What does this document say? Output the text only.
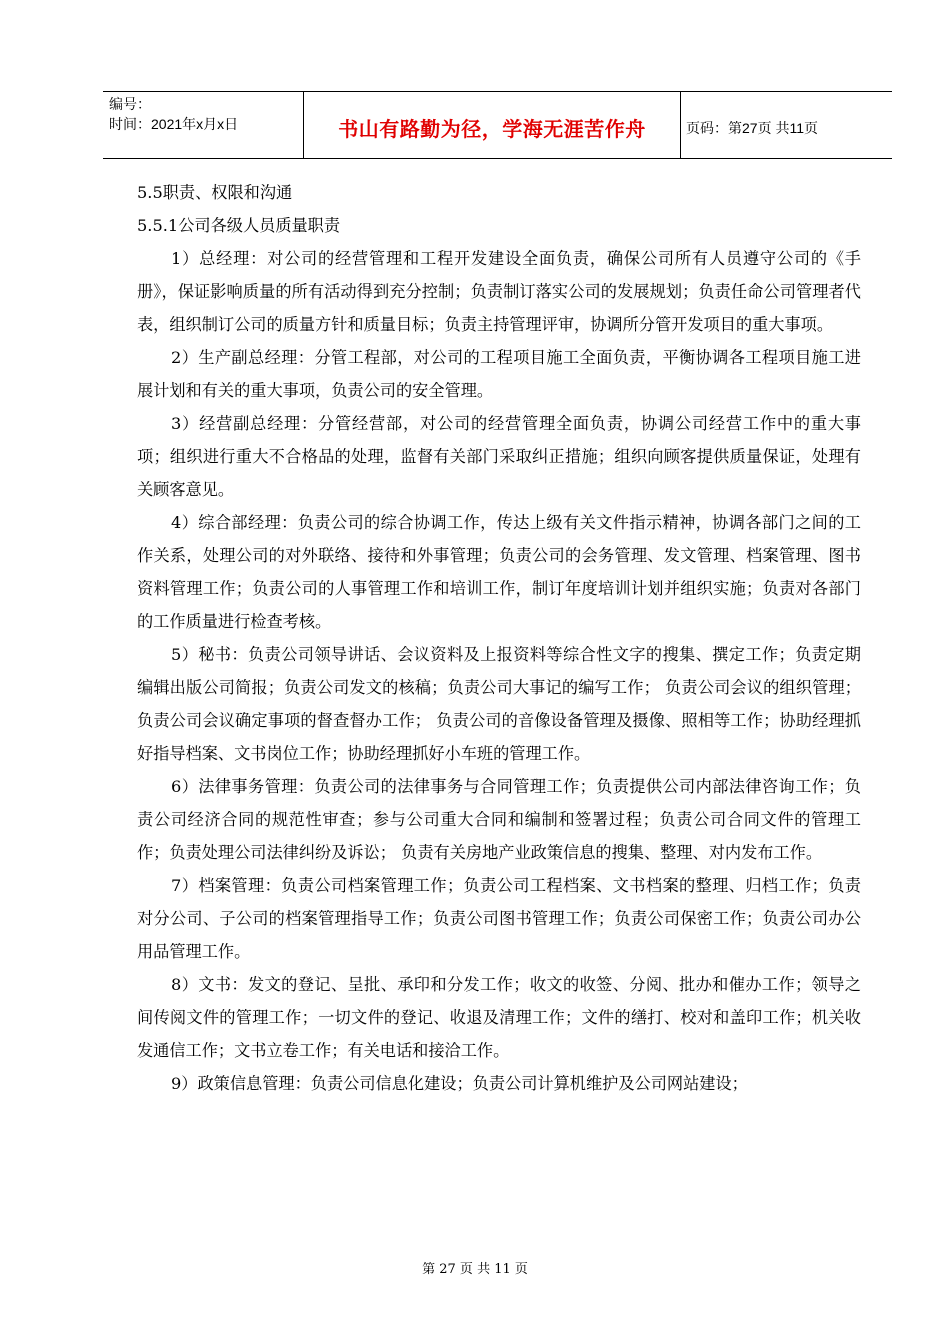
编号：
时间：2021年x月x日	书山有路勤为径，学海无涯苦作舟	页码：第27页 共11页
5.5职责、权限和沟通
5.5.1公司各级人员质量职责

1）总经理：对公司的经营管理和工程开发建设全面负责，确保公司所有人员遵守公司的《手册》，保证影响质量的所有活动得到充分控制；负责制订落实公司的发展规划；负责任命公司管理者代表，组织制订公司的质量方针和质量目标；负责主持管理评审，协调所分管开发项目的重大事项。

2）生产副总经理：分管工程部，对公司的工程项目施工全面负责，平衡协调各工程项目施工进展计划和有关的重大事项，负责公司的安全管理。

3）经营副总经理：分管经营部，对公司的经营管理全面负责，协调公司经营工作中的重大事项；组织进行重大不合格品的处理，监督有关部门采取纠正措施；组织向顾客提供质量保证，处理有关顾客意见。

4）综合部经理：负责公司的综合协调工作，传达上级有关文件指示精神，协调各部门之间的工作关系，处理公司的对外联络、接待和外事管理；负责公司的会务管理、发文管理、档案管理、图书资料管理工作；负责公司的人事管理工作和培训工作，制订年度培训计划并组织实施；负责对各部门的工作质量进行检查考核。

5）秘书：负责公司领导讲话、会议资料及上报资料等综合性文字的搜集、撰定工作；负责定期编辑出版公司简报；负责公司发文的核稿；负责公司大事记的编写工作； 负责公司会议的组织管理；负责公司会议确定事项的督查督办工作； 负责公司的音像设备管理及摄像、照相等工作；协助经理抓好指导档案、文书岗位工作；协助经理抓好小车班的管理工作。

6）法律事务管理：负责公司的法律事务与合同管理工作；负责提供公司内部法律咨询工作；负责公司经济合同的规范性审查；参与公司重大合同和编制和签署过程；负责公司合同文件的管理工作；负责处理公司法律纠纷及诉讼； 负责有关房地产业政策信息的搜集、整理、对内发布工作。

7）档案管理：负责公司档案管理工作；负责公司工程档案、文书档案的整理、归档工作；负责对分公司、子公司的档案管理指导工作；负责公司图书管理工作；负责公司保密工作；负责公司办公用品管理工作。

8）文书：发文的登记、呈批、承印和分发工作；收文的收签、分阅、批办和催办工作；领导之间传阅文件的管理工作；一切文件的登记、收退及清理工作；文件的缮打、校对和盖印工作；机关收发通信工作；文书立卷工作；有关电话和接洽工作。

9）政策信息管理：负责公司信息化建设；负责公司计算机维护及公司网站建设；

第 27 页 共 11 页
